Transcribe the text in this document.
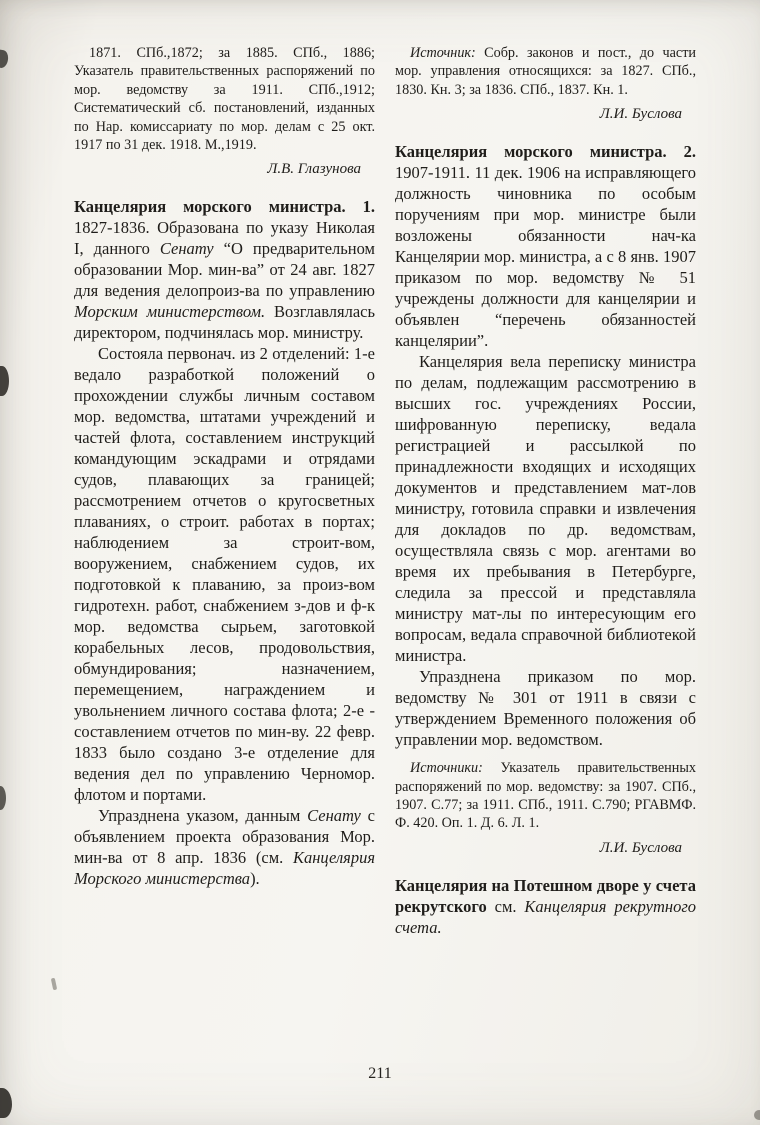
1871. СПб.,1872; за 1885. СПб., 1886; Указатель правительственных распоряжений по мор. ведомству за 1911. СПб.,1912; Систематический сб. постановлений, изданных по Нар. комиссариату по мор. делам с 25 окт. 1917 по 31 дек. 1918. М.,1919.

Л.В. Глазунова

Канцелярия морского министра. 1. 1827-1836. Образована по указу Николая I, данного Сенату “О предварительном образовании Мор. мин-ва” от 24 авг. 1827 для ведения делопроиз-ва по управлению Морским министерством. Возглавлялась директором, подчинялась мор. министру.

Состояла первонач. из 2 отделений: 1-е ведало разработкой положений о прохождении службы личным составом мор. ведомства, штатами учреждений и частей флота, составлением инструкций командующим эскадрами и отрядами судов, плавающих за границей; рассмотрением отчетов о кругосветных плаваниях, о строит. работах в портах; наблюдением за строит-вом, вооружением, снабжением судов, их подготовкой к плаванию, за произ-вом гидротехн. работ, снабжением з-дов и ф-к мор. ведомства сырьем, заготовкой корабельных лесов, продовольствия, обмундирования; назначением, перемещением, награждением и увольнением личного состава флота; 2-е - составлением отчетов по мин-ву. 22 февр. 1833 было создано 3-е отделение для ведения дел по управлению Черномор. флотом и портами.

Упразднена указом, данным Сенату с объявлением проекта образования Мор. мин-ва от 8 апр. 1836 (см. Канцелярия Морского министерства).

Источник: Собр. законов и пост., до части мор. управления относящихся: за 1827. СПб., 1830. Кн. 3; за 1836. СПб., 1837. Кн. 1.

Л.И. Буслова

Канцелярия морского министра. 2. 1907-1911. 11 дек. 1906 на исправляющего должность чиновника по особым поручениям при мор. министре были возложены обязанности нач-ка Канцелярии мор. министра, а с 8 янв. 1907 приказом по мор. ведомству № 51 учреждены должности для канцелярии и объявлен “перечень обязанностей канцелярии”.

Канцелярия вела переписку министра по делам, подлежащим рассмотрению в высших гос. учреждениях России, шифрованную переписку, ведала регистрацией и рассылкой по принадлежности входящих и исходящих документов и представлением мат-лов министру, готовила справки и извлечения для докладов по др. ведомствам, осуществляла связь с мор. агентами во время их пребывания в Петербурге, следила за прессой и представляла министру мат-лы по интересующим его вопросам, ведала справочной библиотекой министра.

Упразднена приказом по мор. ведомству № 301 от 1911 в связи с утверждением Временного положения об управлении мор. ведомством.

Источники: Указатель правительственных распоряжений по мор. ведомству: за 1907. СПб., 1907. С.77; за 1911. СПб., 1911. С.790; РГАВМФ. Ф. 420. Оп. 1. Д. 6. Л. 1.

Л.И. Буслова

Канцелярия на Потешном дворе у счета рекрутского см. Канцелярия рекрутного счета.

211
